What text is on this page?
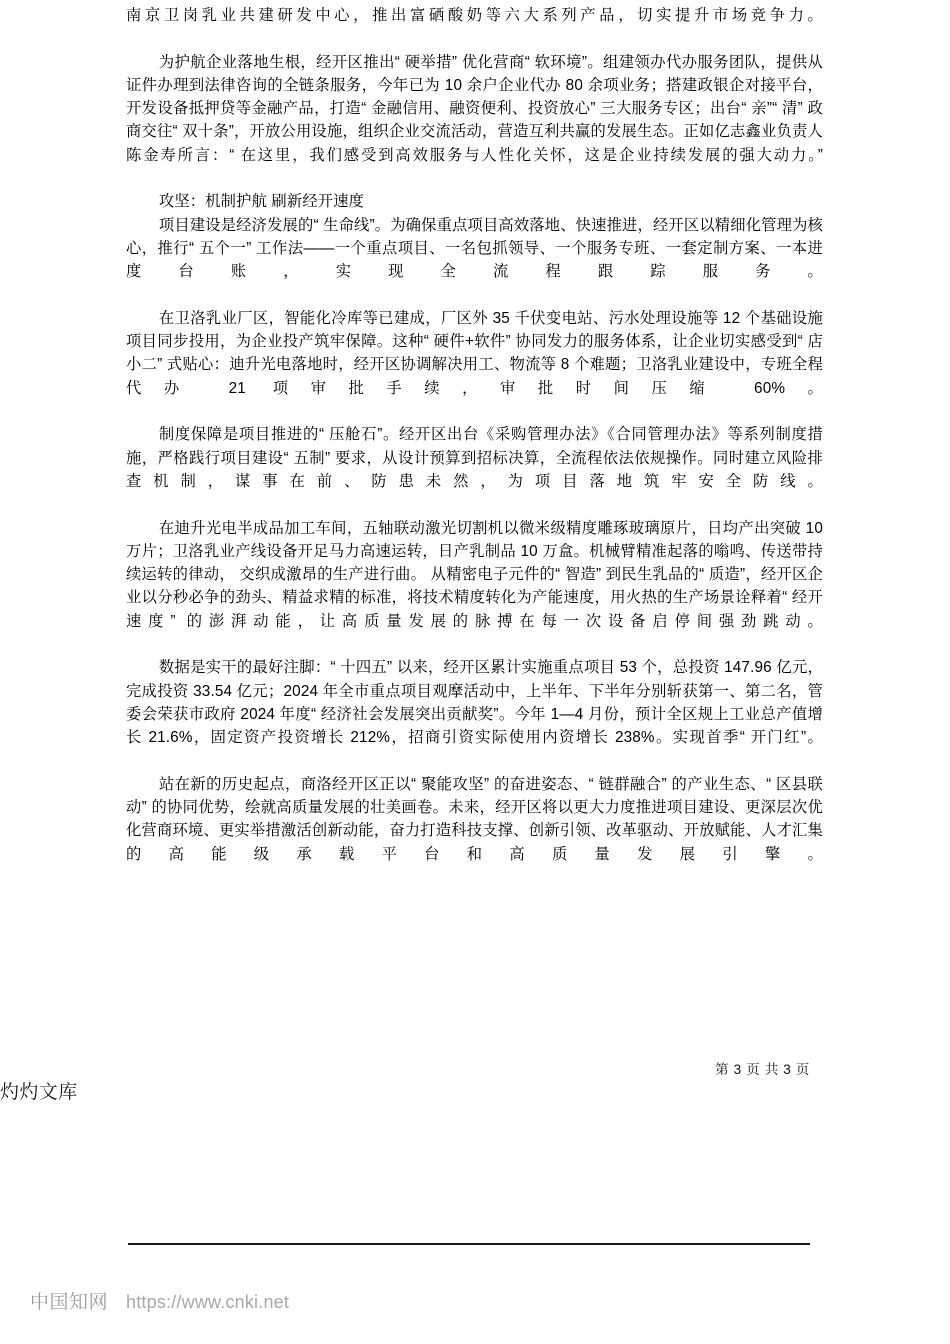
南京卫岗乳业共建研发中心，推出富硒酸奶等六大系列产品，切实提升市场竞争力。

为护航企业落地生根，经开区推出“ 硬举措” 优化营商“ 软环境”。组建领办代办服务团队，提供从证件办理到法律咨询的全链条服务，今年已为 10 余户企业代办 80 余项业务；搭建政银企对接平台，开发设备抵押贷等金融产品，打造“ 金融信用、融资便利、投资放心” 三大服务专区；出台“ 亲”“ 清” 政商交往“ 双十条”，开放公用设施，组织企业交流活动，营造互利共赢的发展生态。正如亿志鑫业负责人陈金寿所言：“ 在这里，我们感受到高效服务与人性化关怀，这是企业持续发展的强大动力。”

攻坚：机制护航 刷新经开速度

项目建设是经济发展的“ 生命线”。为确保重点项目高效落地、快速推进，经开区以精细化管理为核心，推行“ 五个一” 工作法——一个重点项目、一名包抓领导、一个服务专班、一套定制方案、一本进度台账，实现全流程跟踪服务。

在卫洛乳业厂区，智能化冷库等已建成，厂区外 35 千伏变电站、污水处理设施等 12 个基础设施项目同步投用，为企业投产筑牢保障。这种“ 硬件+软件” 协同发力的服务体系，让企业切实感受到“ 店小二” 式贴心：迪升光电落地时，经开区协调解决用工、物流等 8 个难题；卫洛乳业建设中，专班全程代办 21 项审批手续，审批时间压缩 60%。

制度保障是项目推进的“ 压舱石”。经开区出台《采购管理办法》《合同管理办法》等系列制度措施，严格践行项目建设“ 五制” 要求，从设计预算到招标决算，全流程依法依规操作。同时建立风险排查机制，谋事在前、防患未然，为项目落地筑牢安全防线。

在迪升光电半成品加工车间，五轴联动激光切割机以微米级精度雕琢玻璃原片，日均产出突破 10 万片；卫洛乳业产线设备开足马力高速运转，日产乳制品 10 万盒。机械臂精准起落的嗡鸣、传送带持续运转的律动， 交织成激昂的生产进行曲。 从精密电子元件的“ 智造” 到民生乳品的“ 质造”，经开区企业以分秒必争的劲头、精益求精的标准，将技术精度转化为产能速度，用火热的生产场景诠释着“ 经开速度” 的澎湃动能，让高质量发展的脉搏在每一次设备启停间强劲跳动。

数据是实干的最好注脚：“ 十四五” 以来，经开区累计实施重点项目 53 个，总投资 147.96 亿元，完成投资 33.54 亿元；2024 年全市重点项目观摩活动中，上半年、下半年分别斩获第一、第二名，管委会荣获市政府 2024 年度“ 经济社会发展突出贡献奖”。今年 1—4 月份，预计全区规上工业总产值增长 21.6%，固定资产投资增长 212%，招商引资实际使用内资增长 238%。实现首季“ 开门红”。

站在新的历史起点，商洛经开区正以“ 聚能攻坚” 的奋进姿态、“ 链群融合” 的产业生态、“ 区县联动” 的协同优势，绘就高质量发展的壮美画卷。未来，经开区将以更大力度推进项目建设、更深层次优化营商环境、更实举措激活创新动能，奋力打造科技支撑、创新引领、改革驱动、开放赋能、人才汇集的高能级承载平台和高质量发展引擎。

第 3 页 共 3 页
灼灼文库
中国知网 https://www.cnki.net
